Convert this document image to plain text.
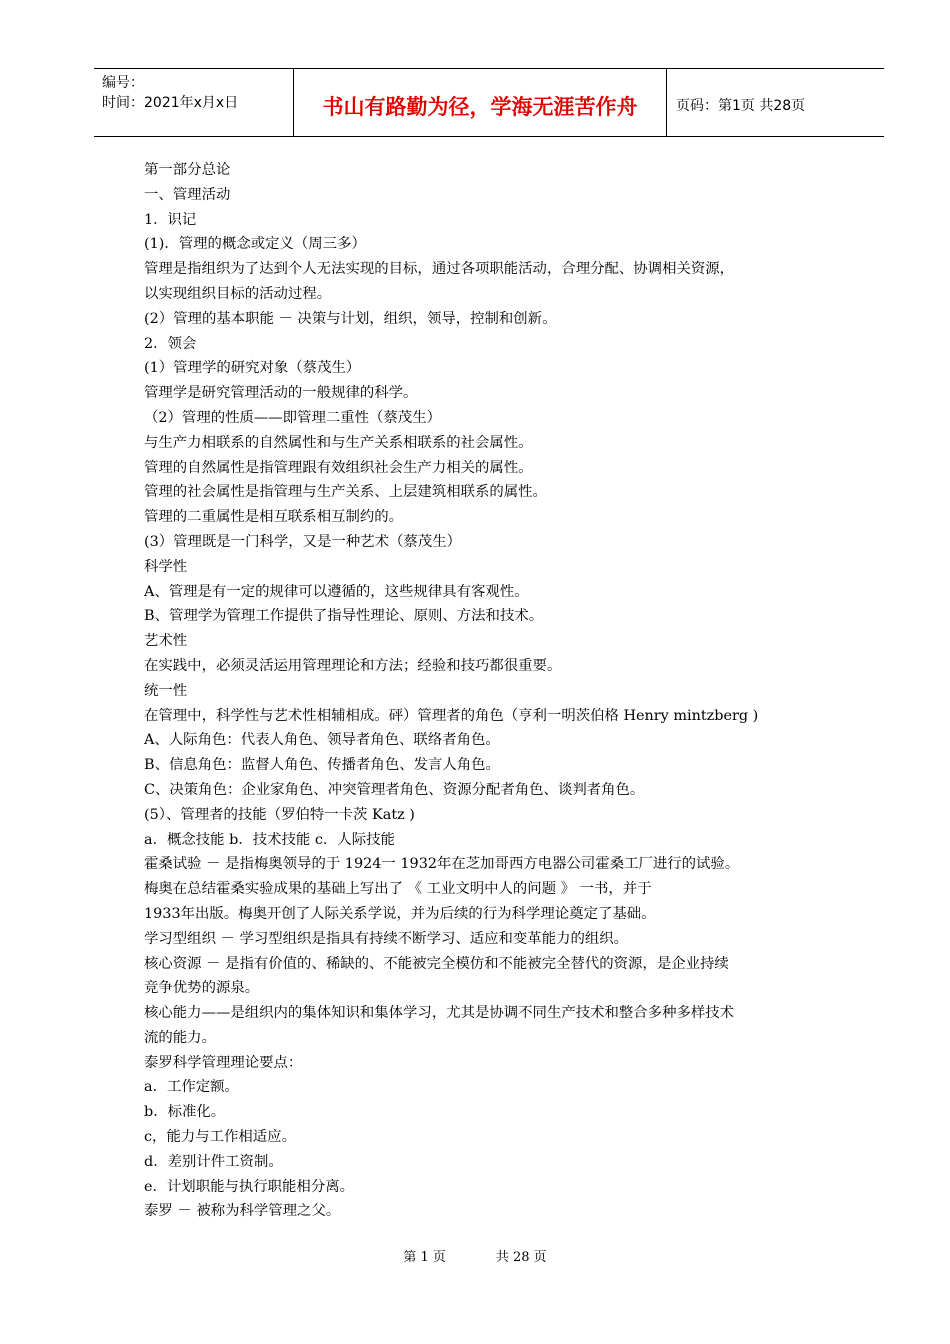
编号：
时间：2021年x月x日	书山有路勤为径，学海无涯苦作舟	页码：第1页 共28页
第一部分总论
一、管理活动
1．识记
(1)．管理的概念或定义（周三多）
管理是指组织为了达到个人无法实现的目标，通过各项职能活动，合理分配、协调相关资源，
以实现组织目标的活动过程。
(2）管理的基本职能 － 决策与计划，组织，领导，控制和创新。
2．领会
(1）管理学的研究对象（蔡茂生）
管理学是研究管理活动的一般规律的科学。
（2）管理的性质——即管理二重性（蔡茂生）
与生产力相联系的自然属性和与生产关系相联系的社会属性。
管理的自然属性是指管理跟有效组织社会生产力相关的属性。
管理的社会属性是指管理与生产关系、上层建筑相联系的属性。
管理的二重属性是相互联系相互制约的。
(3）管理既是一门科学，又是一种艺术（蔡茂生）
科学性
A、管理是有一定的规律可以遵循的，这些规律具有客观性。
B、管理学为管理工作提供了指导性理论、原则、方法和技术。
艺术性
在实践中，必须灵活运用管理理论和方法；经验和技巧都很重要。
统一性
在管理中，科学性与艺术性相辅相成。砰）管理者的角色（亨利一明茨伯格 Henry mintzberg )
A、人际角色：代表人角色、领导者角色、联络者角色。
B、信息角色：监督人角色、传播者角色、发言人角色。
C、决策角色：企业家角色、冲突管理者角色、资源分配者角色、谈判者角色。
(5）、管理者的技能（罗伯特一卡茨 Katz )
a．概念技能 b．技术技能 c．人际技能
霍桑试验 － 是指梅奥领导的于 1924一 1932年在芝加哥西方电器公司霍桑工厂进行的试验。
梅奥在总结霍桑实验成果的基础上写出了 《 工业文明中人的问题 》 一书，并于
1933年出版。梅奥开创了人际关系学说，并为后续的行为科学理论奠定了基础。
学习型组织 － 学习型组织是指具有持续不断学习、适应和变革能力的组织。
核心资源 － 是指有价值的、稀缺的、不能被完全模仿和不能被完全替代的资源，是企业持续
竞争优势的源泉。
核心能力——是组织内的集体知识和集体学习，尤其是协调不同生产技术和整合多种多样技术
流的能力。
泰罗科学管理理论要点：
a．工作定额。
b．标准化。
c，能力与工作相适应。
d．差别计件工资制。
e．计划职能与执行职能相分离。
泰罗 － 被称为科学管理之父。
第 1 页	共 28 页
